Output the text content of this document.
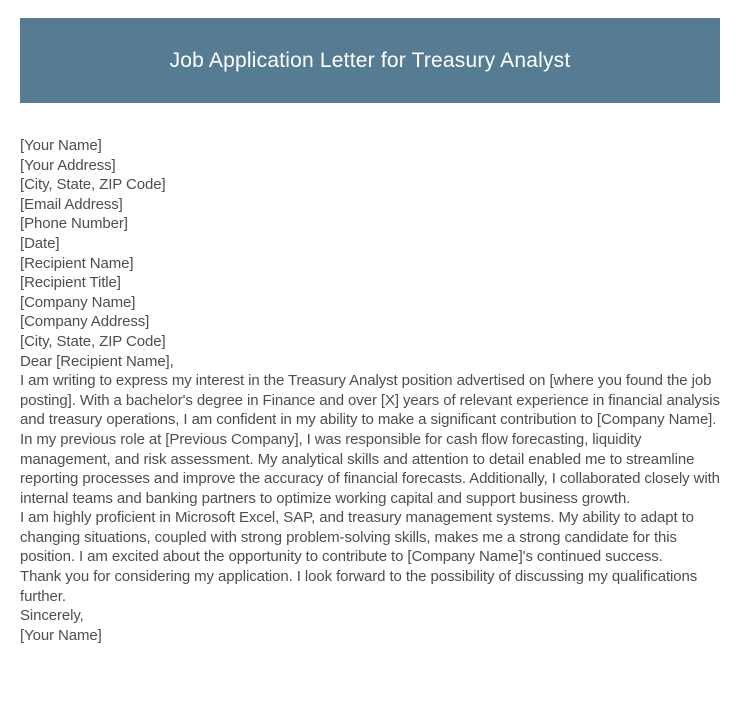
Job Application Letter for Treasury Analyst

[Your Name]

[Your Address]

[City, State, ZIP Code]

[Email Address]

[Phone Number]

[Date]

[Recipient Name]

[Recipient Title]

[Company Name]

[Company Address]

[City, State, ZIP Code]

Dear [Recipient Name],

I am writing to express my interest in the Treasury Analyst position advertised on [where you found the job posting]. With a bachelor's degree in Finance and over [X] years of relevant experience in financial analysis and treasury operations, I am confident in my ability to make a significant contribution to [Company Name].

In my previous role at [Previous Company], I was responsible for cash flow forecasting, liquidity management, and risk assessment. My analytical skills and attention to detail enabled me to streamline reporting processes and improve the accuracy of financial forecasts. Additionally, I collaborated closely with internal teams and banking partners to optimize working capital and support business growth.

I am highly proficient in Microsoft Excel, SAP, and treasury management systems. My ability to adapt to changing situations, coupled with strong problem-solving skills, makes me a strong candidate for this position. I am excited about the opportunity to contribute to [Company Name]'s continued success.

Thank you for considering my application. I look forward to the possibility of discussing my qualifications further.

Sincerely,

[Your Name]
